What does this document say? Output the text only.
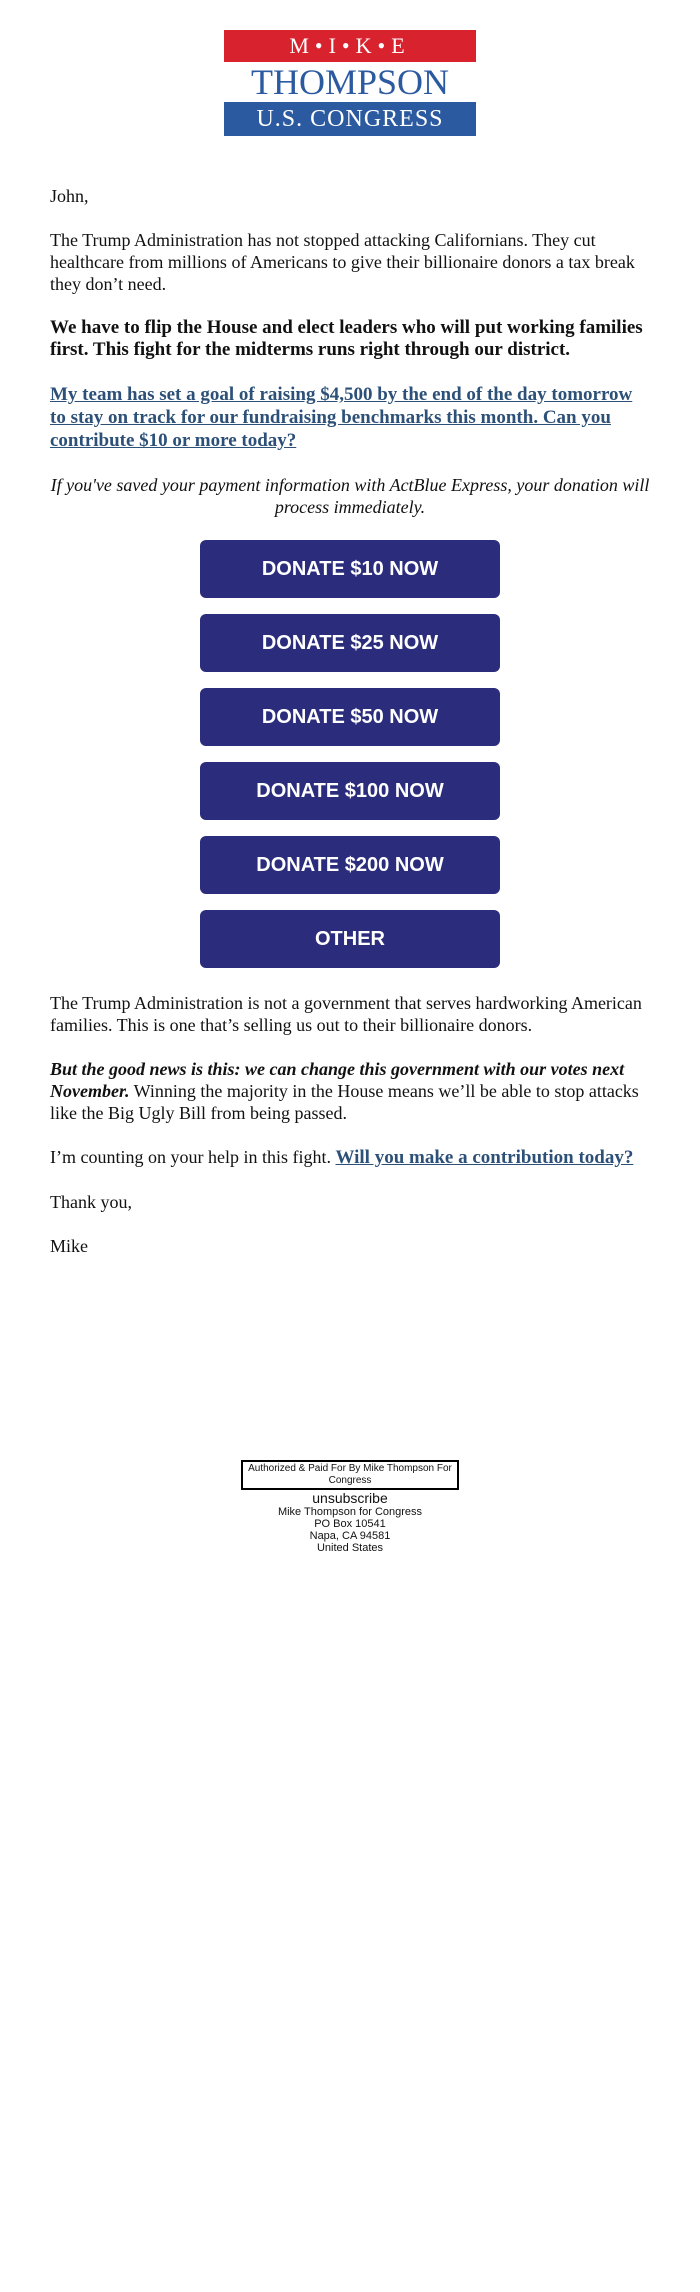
M•I•K•E
THOMPSON
U.S. CONGRESS

John,

The Trump Administration has not stopped attacking Californians. They cut healthcare from millions of Americans to give their billionaire donors a tax break they don’t need.

We have to flip the House and elect leaders who will put working families first. This fight for the midterms runs right through our district.

My team has set a goal of raising $4,500 by the end of the day tomorrow to stay on track for our fundraising benchmarks this month. Can you contribute $10 or more today?

If you've saved your payment information with ActBlue Express, your donation will process immediately.

DONATE $10 NOW
DONATE $25 NOW
DONATE $50 NOW
DONATE $100 NOW
DONATE $200 NOW
OTHER

The Trump Administration is not a government that serves hardworking American families. This is one that’s selling us out to their billionaire donors.

But the good news is this: we can change this government with our votes next November. Winning the majority in the House means we’ll be able to stop attacks like the Big Ugly Bill from being passed.

I’m counting on your help in this fight. Will you make a contribution today?

Thank you,

Mike

Authorized & Paid For By Mike Thompson For Congress
unsubscribe
Mike Thompson for Congress
PO Box 10541
Napa, CA 94581
United States
